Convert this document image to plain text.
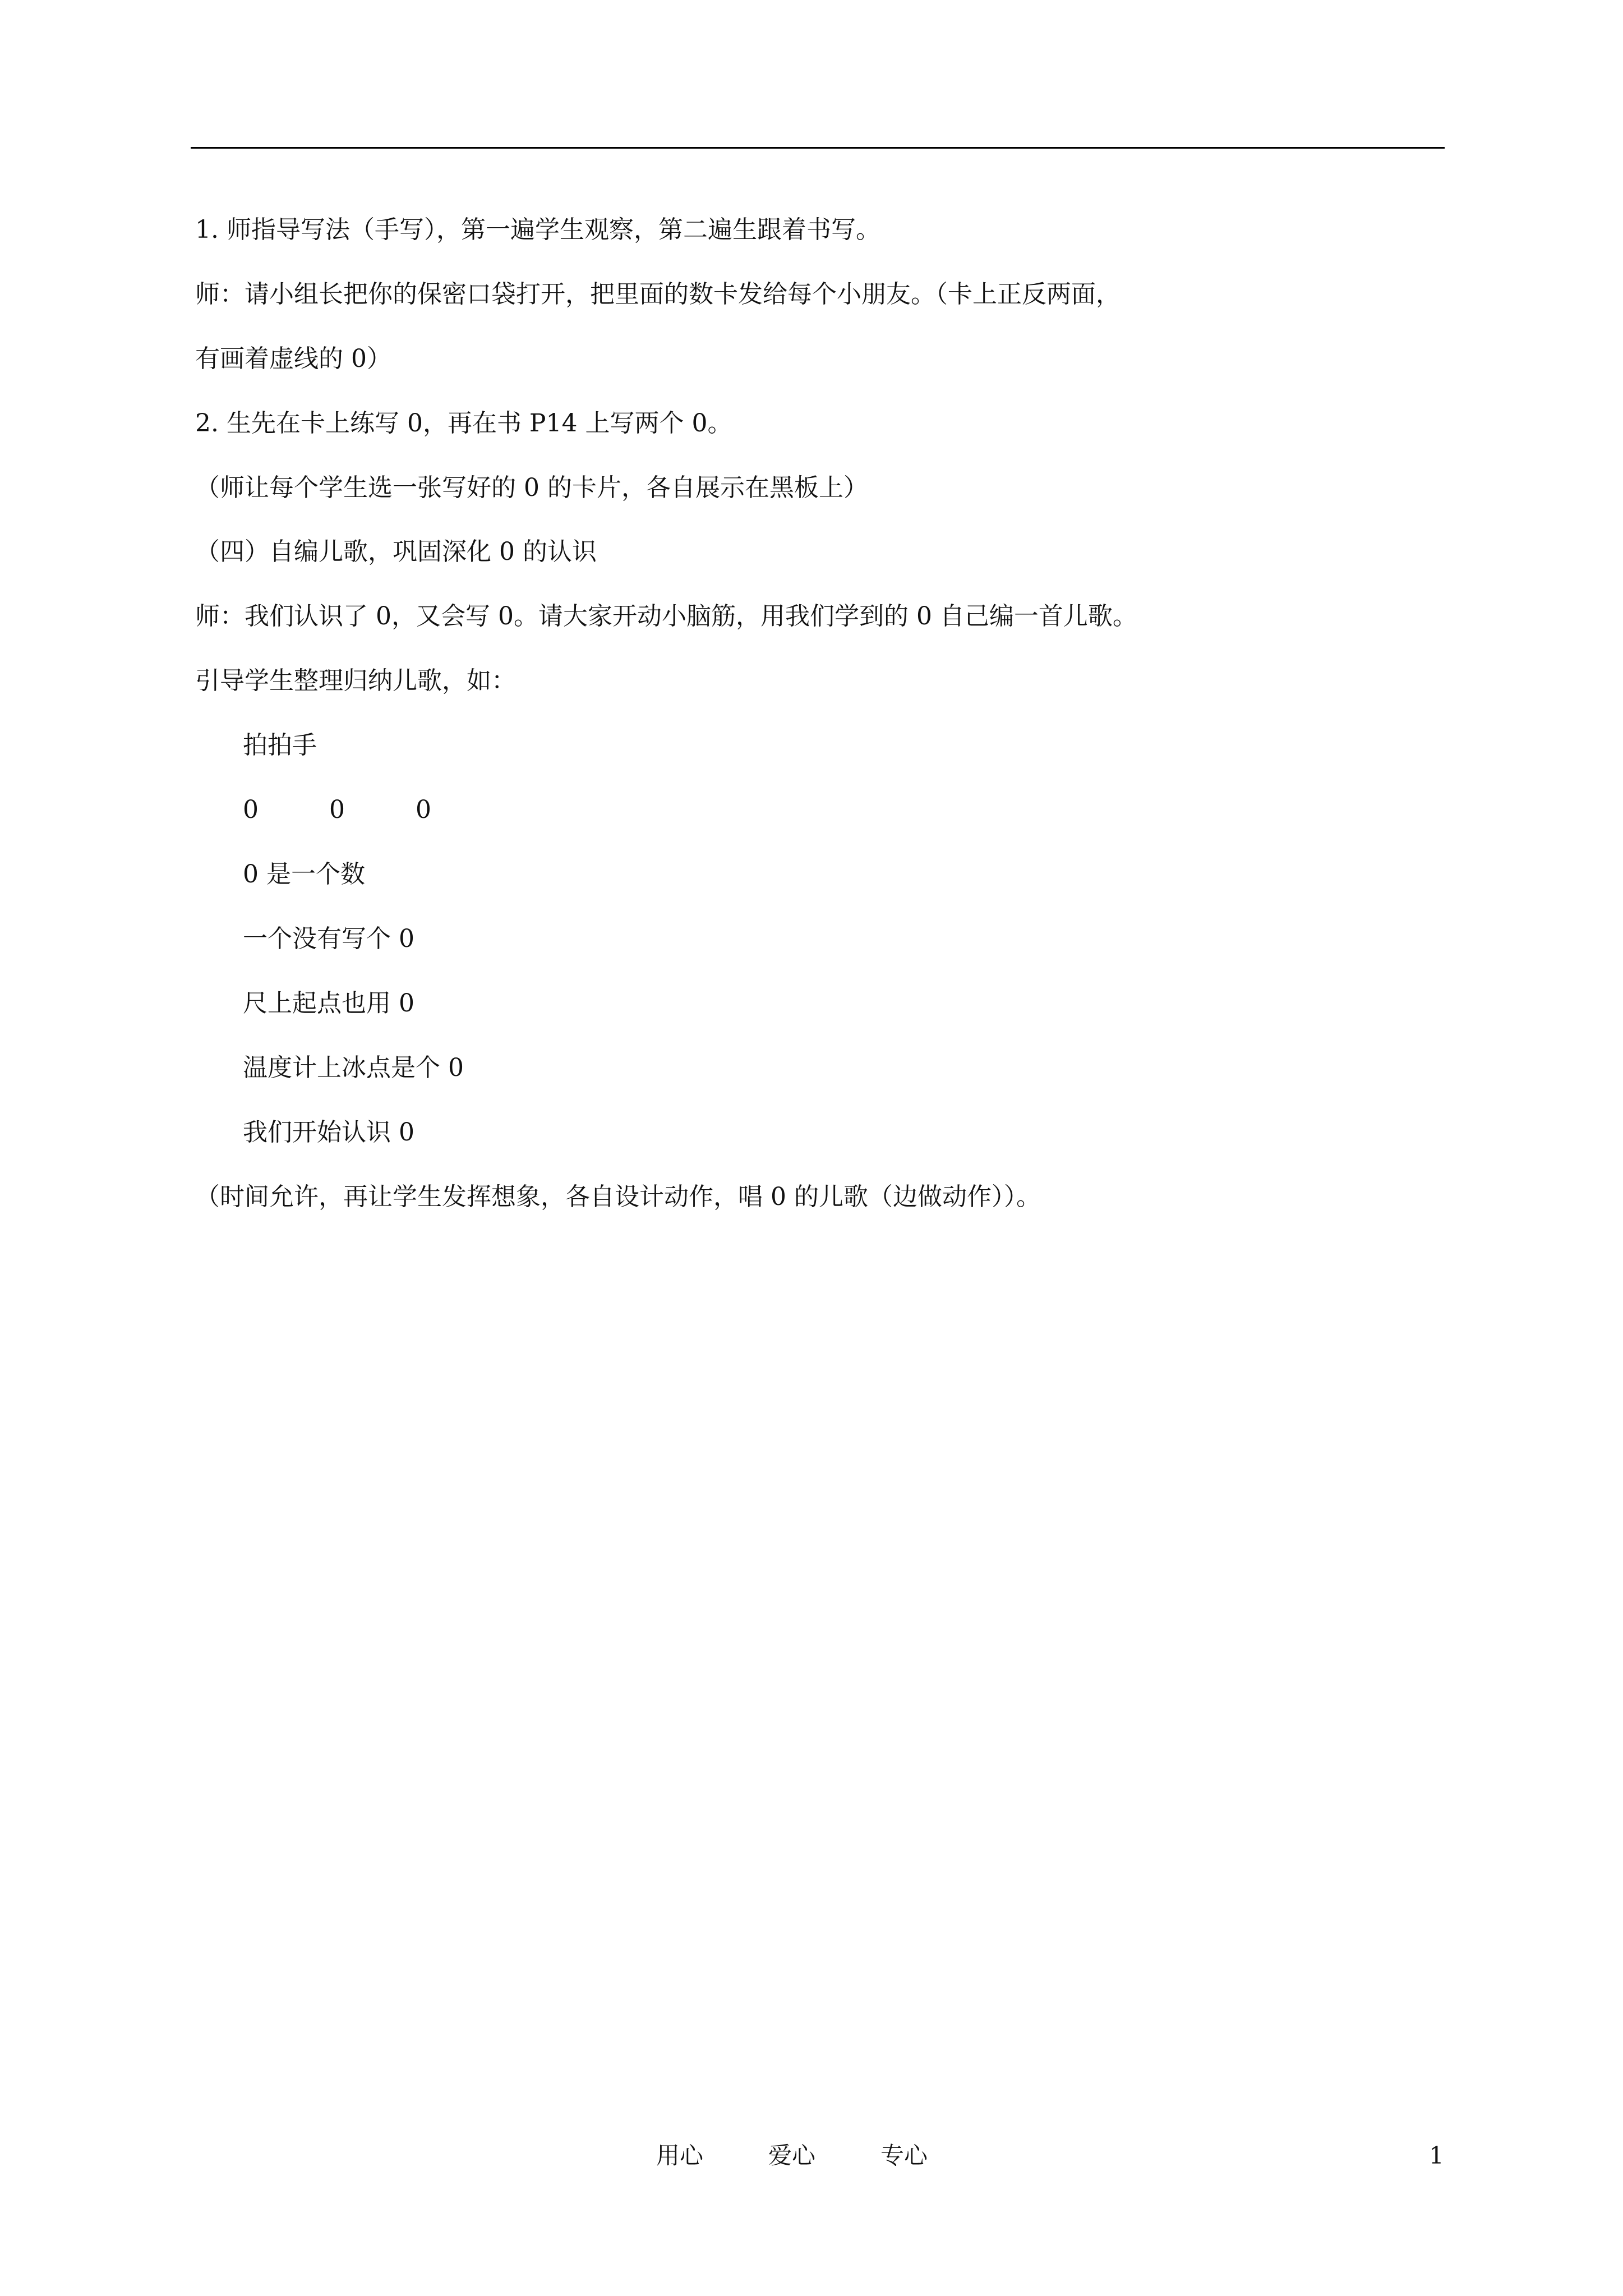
1. 师指导写法（手写），第一遍学生观察，第二遍生跟着书写。
师：请小组长把你的保密口袋打开，把里面的数卡发给每个小朋友。（卡上正反两面，
有画着虚线的 0）
2. 生先在卡上练写 0，再在书 P14 上写两个 0。
（师让每个学生选一张写好的 0 的卡片，各自展示在黑板上）
（四）自编儿歌，巩固深化 0 的认识
师：我们认识了 0，又会写 0。请大家开动小脑筋，用我们学到的 0 自己编一首儿歌。
引导学生整理归纳儿歌，如：
拍拍手
0	0	0
0 是一个数
一个没有写个 0
尺上起点也用 0
温度计上冰点是个 0
我们开始认识 0
（时间允许，再让学生发挥想象，各自设计动作，唱 0 的儿歌（边做动作））。
用心	爱心	专心	1
